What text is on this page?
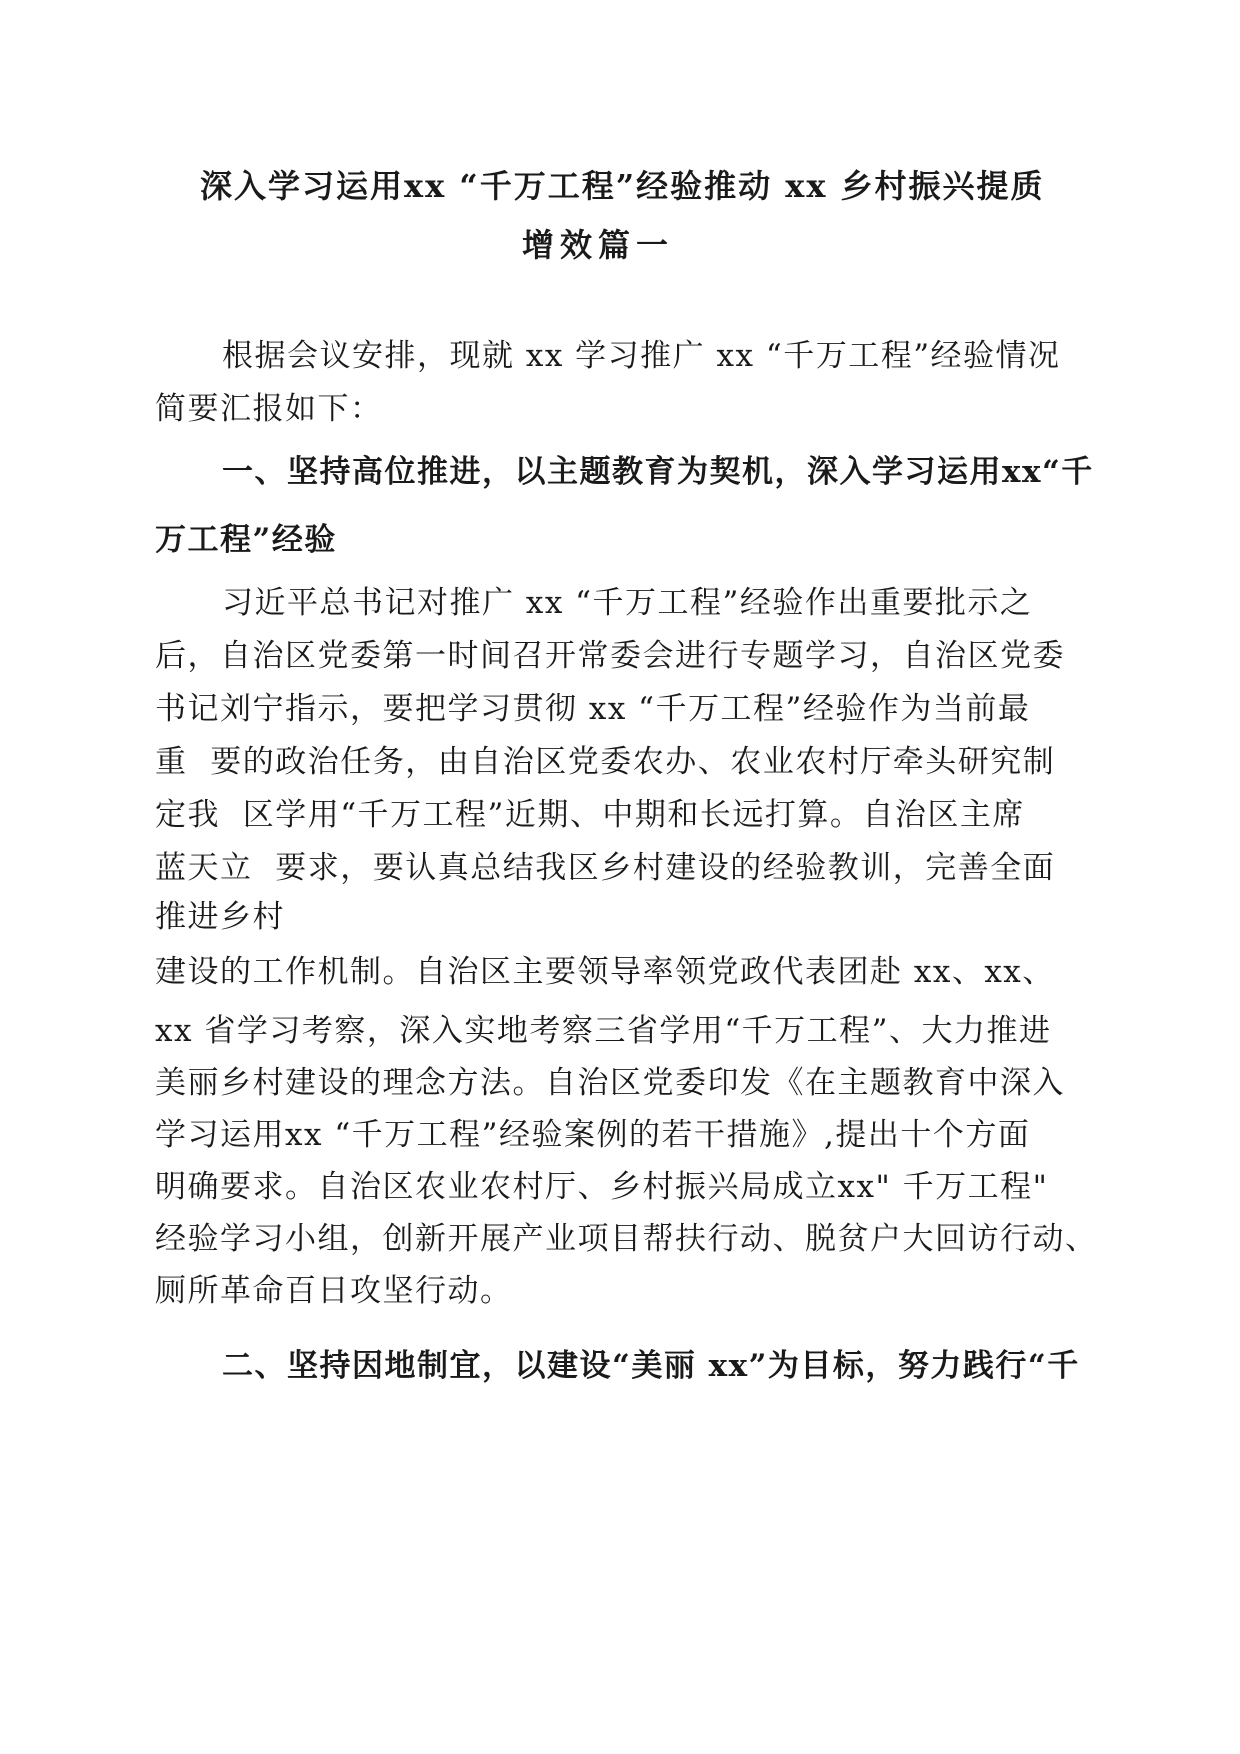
深入学习运用xx “千万工程”经验推动 xx 乡村振兴提质
增效篇一
根据会议安排，现就 xx 学习推广 xx “千万工程”经验情况
简要汇报如下：
一、坚持高位推进，以主题教育为契机，深入学习运用xx“千
万工程”经验
习近平总书记对推广 xx “千万工程”经验作出重要批示之
后，自治区党委第一时间召开常委会进行专题学习，自治区党委
书记刘宁指示，要把学习贯彻 xx “千万工程”经验作为当前最
重  要的政治任务，由自治区党委农办、农业农村厅牵头研究制
定我  区学用“千万工程”近期、中期和长远打算。自治区主席
蓝天立  要求，要认真总结我区乡村建设的经验教训，完善全面
推进乡村
建设的工作机制。自治区主要领导率领党政代表团赴 xx、xx、
xx 省学习考察，深入实地考察三省学用“千万工程”、大力推进
美丽乡村建设的理念方法。自治区党委印发《在主题教育中深入
学习运用xx “千万工程”经验案例的若干措施》,提出十个方面
明确要求。自治区农业农村厅、乡村振兴局成立xx" 千万工程"
经验学习小组，创新开展产业项目帮扶行动、脱贫户大回访行动、
厕所革命百日攻坚行动。
二、坚持因地制宜，以建设“美丽 xx”为目标，努力践行“千
